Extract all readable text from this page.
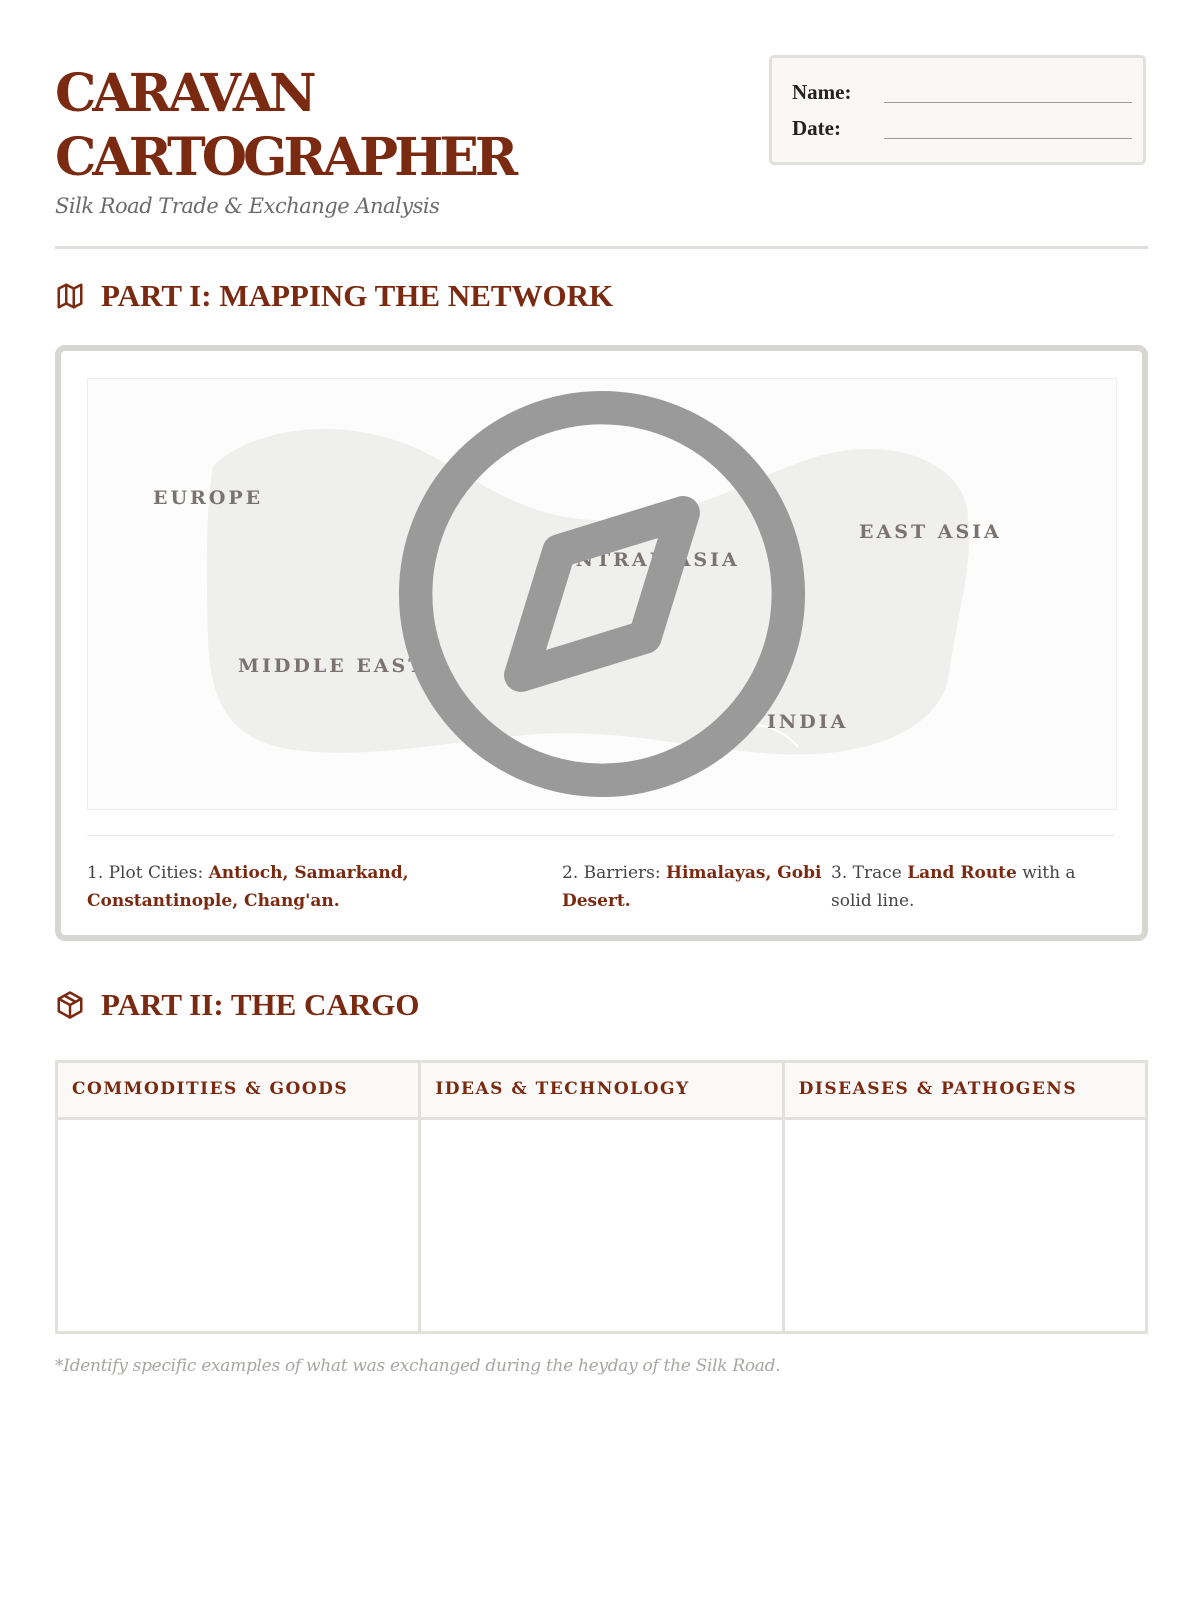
CARAVAN
CARTOGRAPHER
Silk Road Trade & Exchange Analysis
Name:
Date:
PART I: MAPPING THE NETWORK
EUROPE
CENTRAL ASIA
EAST ASIA
MIDDLE EAST
INDIA
1. Plot Cities: Antioch, Samarkand, Constantinople, Chang'an.
2. Barriers: Himalayas, Gobi Desert.
3. Trace Land Route with a solid line.
PART II: THE CARGO
COMMODITIES & GOODS	IDEAS & TECHNOLOGY	DISEASES & PATHOGENS
*Identify specific examples of what was exchanged during the heyday of the Silk Road.
